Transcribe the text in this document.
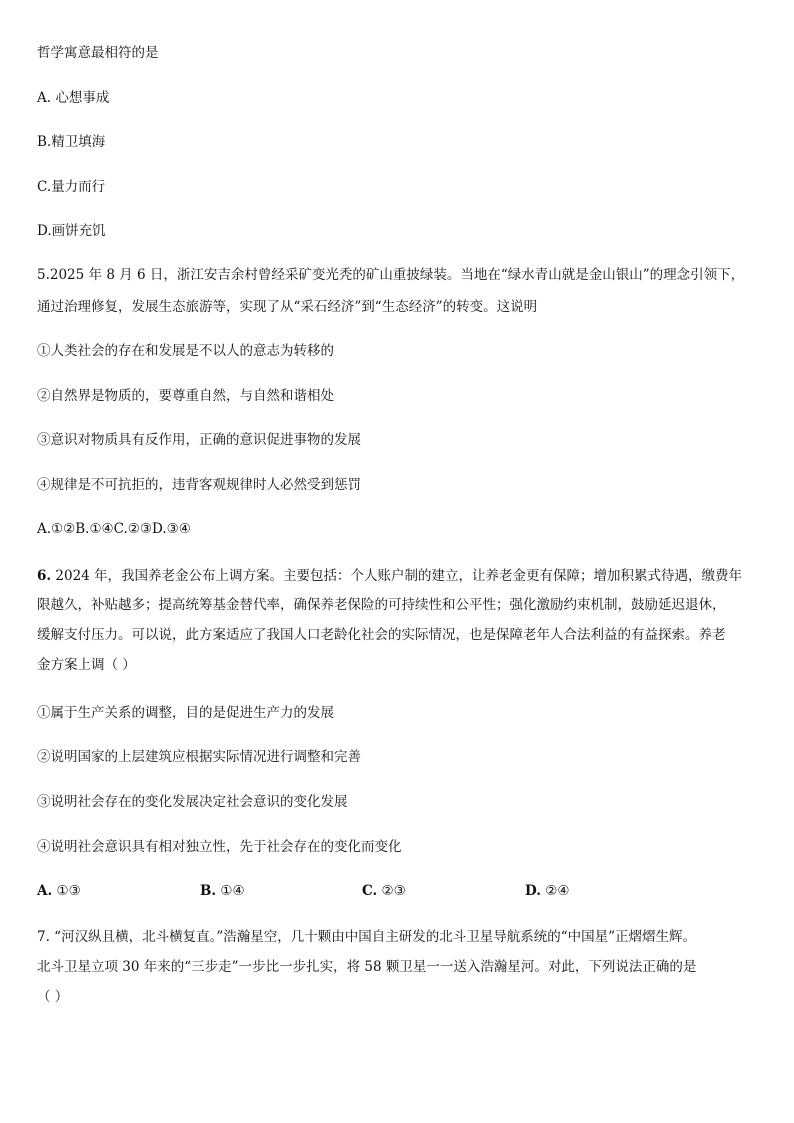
哲学寓意最相符的是
A. 心想事成
B.精卫填海
C.量力而行
D.画饼充饥
5.2025 年 8 月 6 日，浙江安吉余村曾经采矿变光秃的矿山重披绿装。当地在“绿水青山就是金山银山”的理念引领下，
通过治理修复，发展生态旅游等，实现了从“采石经济”到“生态经济”的转变。这说明
①人类社会的存在和发展是不以人的意志为转移的
②自然界是物质的，要尊重自然，与自然和谐相处
③意识对物质具有反作用，正确的意识促进事物的发展
④规律是不可抗拒的，违背客观规律时人必然受到惩罚
A.①②B.①④C.②③D.③④
6. 2024 年，我国养老金公布上调方案。主要包括：个人账户制的建立，让养老金更有保障；增加积累式待遇，缴费年
限越久，补贴越多；提高统筹基金替代率，确保养老保险的可持续性和公平性；强化激励约束机制，鼓励延迟退休，
缓解支付压力。可以说，此方案适应了我国人口老龄化社会的实际情况，也是保障老年人合法利益的有益探索。养老
金方案上调（ ）
①属于生产关系的调整，目的是促进生产力的发展
②说明国家的上层建筑应根据实际情况进行调整和完善
③说明社会存在的变化发展决定社会意识的变化发展
④说明社会意识具有相对独立性，先于社会存在的变化而变化
A. ①③	B. ①④	C. ②③	D. ②④
7. “河汉纵且横，北斗横复直。”浩瀚星空，几十颗由中国自主研发的北斗卫星导航系统的“中国星”正熠熠生辉。
北斗卫星立项 30 年来的“三步走”一步比一步扎实，将 58 颗卫星一一送入浩瀚星河。对此，下列说法正确的是
（ ）
